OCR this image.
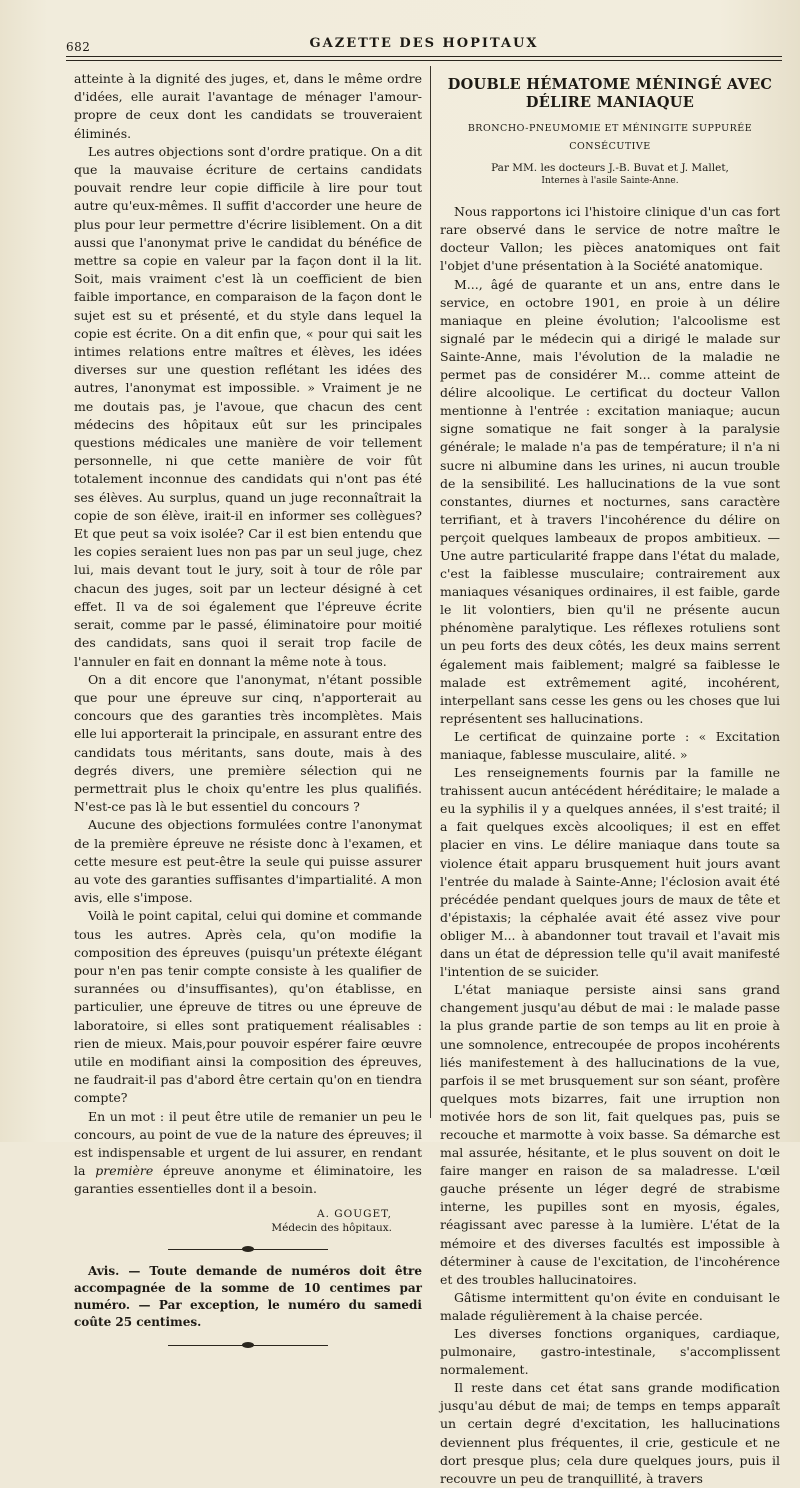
682	GAZETTE DES HOPITAUX

atteinte à la dignité des juges, et, dans le même ordre d'idées, elle aurait l'avantage de ménager l'amour-propre de ceux dont les candidats se trouveraient éliminés.

Les autres objections sont d'ordre pratique. On a dit que la mauvaise écriture de certains candidats pouvait rendre leur copie difficile à lire pour tout autre qu'eux-mêmes. Il suffit d'accorder une heure de plus pour leur permettre d'écrire lisiblement. On a dit aussi que l'anonymat prive le candidat du bénéfice de mettre sa copie en valeur par la façon dont il la lit. Soit, mais vraiment c'est là un coefficient de bien faible importance, en comparaison de la façon dont le sujet est su et présenté, et du style dans lequel la copie est écrite. On a dit enfin que, « pour qui sait les intimes relations entre maîtres et élèves, les idées diverses sur une question reflétant les idées des autres, l'anonymat est impossible. » Vraiment je ne me doutais pas, je l'avoue, que chacun des cent médecins des hôpitaux eût sur les principales questions médicales une manière de voir tellement personnelle, ni que cette manière de voir fût totalement inconnue des candidats qui n'ont pas été ses élèves. Au surplus, quand un juge reconnaîtrait la copie de son élève, irait-il en informer ses collègues? Et que peut sa voix isolée? Car il est bien entendu que les copies seraient lues non pas par un seul juge, chez lui, mais devant tout le jury, soit à tour de rôle par chacun des juges, soit par un lecteur désigné à cet effet. Il va de soi également que l'épreuve écrite serait, comme par le passé, éliminatoire pour moitié des candidats, sans quoi il serait trop facile de l'annuler en fait en donnant la même note à tous.

On a dit encore que l'anonymat, n'étant possible que pour une épreuve sur cinq, n'apporterait au concours que des garanties très incomplètes. Mais elle lui apporterait la principale, en assurant entre des candidats tous méritants, sans doute, mais à des degrés divers, une première sélection qui ne permettrait plus le choix qu'entre les plus qualifiés. N'est-ce pas là le but essentiel du concours ?

Aucune des objections formulées contre l'anonymat de la première épreuve ne résiste donc à l'examen, et cette mesure est peut-être la seule qui puisse assurer au vote des garanties suffisantes d'impartialité. A mon avis, elle s'impose.

Voilà le point capital, celui qui domine et commande tous les autres. Après cela, qu'on modifie la composition des épreuves (puisqu'un prétexte élégant pour n'en pas tenir compte consiste à les qualifier de surannées ou d'insuffisantes), qu'on établisse, en particulier, une épreuve de titres ou une épreuve de laboratoire, si elles sont pratiquement réalisables : rien de mieux. Mais,pour pouvoir espérer faire œuvre utile en modifiant ainsi la composition des épreuves, ne faudrait-il pas d'abord être certain qu'on en tiendra compte?

En un mot : il peut être utile de remanier un peu le concours, au point de vue de la nature des épreuves; il est indispensable et urgent de lui assurer, en rendant la première épreuve anonyme et éliminatoire, les garanties essentielles dont il a besoin.

A. GOUGET,
Médecin des hôpitaux.

Avis. — Toute demande de numéros doit être accompagnée de la somme de 10 centimes par numéro. — Par exception, le numéro du samedi coûte 25 centimes.

DOUBLE HÉMATOME MÉNINGÉ AVEC DÉLIRE MANIAQUE
BRONCHO-PNEUMOMIE ET MÉNINGITE SUPPURÉE CONSÉCUTIVE
Par MM. les docteurs J.-B. Buvat et J. Mallet,
Internes à l'asile Sainte-Anne.

Nous rapportons ici l'histoire clinique d'un cas fort rare observé dans le service de notre maître le docteur Vallon; les pièces anatomiques ont fait l'objet d'une présentation à la Société anatomique.

M..., âgé de quarante et un ans, entre dans le service, en octobre 1901, en proie à un délire maniaque en pleine évolution; l'alcoolisme est signalé par le médecin qui a dirigé le malade sur Sainte-Anne, mais l'évolution de la maladie ne permet pas de considérer M... comme atteint de délire alcoolique. Le certificat du docteur Vallon mentionne à l'entrée : excitation maniaque; aucun signe somatique ne fait songer à la paralysie générale; le malade n'a pas de température; il n'a ni sucre ni albumine dans les urines, ni aucun trouble de la sensibilité. Les hallucinations de la vue sont constantes, diurnes et nocturnes, sans caractère terrifiant, et à travers l'incohérence du délire on perçoit quelques lambeaux de propos ambitieux. — Une autre particularité frappe dans l'état du malade, c'est la faiblesse musculaire; contrairement aux maniaques vésaniques ordinaires, il est faible, garde le lit volontiers, bien qu'il ne présente aucun phénomène paralytique. Les réflexes rotuliens sont un peu forts des deux côtés, les deux mains serrent également mais faiblement; malgré sa faiblesse le malade est extrêmement agité, incohérent, interpellant sans cesse les gens ou les choses que lui représentent ses hallucinations.

Le certificat de quinzaine porte : « Excitation maniaque, fablesse musculaire, alité. »

Les renseignements fournis par la famille ne trahissent aucun antécédent héréditaire; le malade a eu la syphilis il y a quelques années, il s'est traité; il a fait quelques excès alcooliques; il est en effet placier en vins. Le délire maniaque dans toute sa violence était apparu brusquement huit jours avant l'entrée du malade à Sainte-Anne; l'éclosion avait été précédée pendant quelques jours de maux de tête et d'épistaxis; la céphalée avait été assez vive pour obliger M... à abandonner tout travail et l'avait mis dans un état de dépression telle qu'il avait manifesté l'intention de se suicider.

L'état maniaque persiste ainsi sans grand changement jusqu'au début de mai : le malade passe la plus grande partie de son temps au lit en proie à une somnolence, entrecoupée de propos incohérents liés manifestement à des hallucinations de la vue, parfois il se met brusquement sur son séant, profère quelques mots bizarres, fait une irruption non motivée hors de son lit, fait quelques pas, puis se recouche et marmotte à voix basse. Sa démarche est mal assurée, hésitante, et le plus souvent on doit le faire manger en raison de sa maladresse. L'œil gauche présente un léger degré de strabisme interne, les pupilles sont en myosis, égales, réagissant avec paresse à la lumière. L'état de la mémoire et des diverses facultés est impossible à déterminer à cause de l'excitation, de l'incohérence et des troubles hallucinatoires.

Gâtisme intermittent qu'on évite en conduisant le malade régulièrement à la chaise percée.

Les diverses fonctions organiques, cardiaque, pulmonaire, gastro-intestinale, s'accomplissent normalement.

Il reste dans cet état sans grande modification jusqu'au début de mai; de temps en temps apparaît un certain degré d'excitation, les hallucinations deviennent plus fréquentes, il crie, gesticule et ne dort presque plus; cela dure quelques jours, puis il recouvre un peu de tranquillité, à travers
